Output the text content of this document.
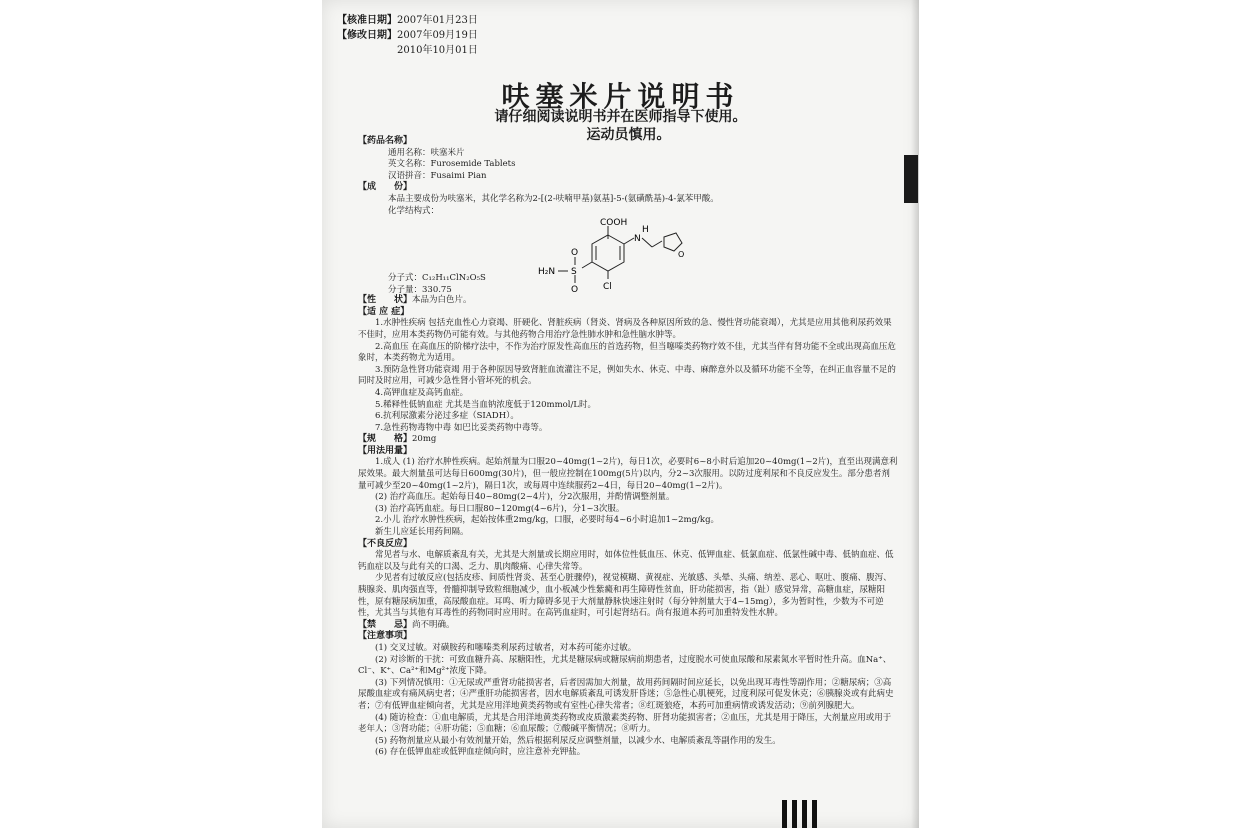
【核准日期】2007年01月23日
【修改日期】2007年09月19日
2010年10月01日
呋塞米片说明书
请仔细阅读说明书并在医师指导下使用。
运动员慎用。

【药品名称】

通用名称：呋塞米片

英文名称：Furosemide Tablets

汉语拼音：Fusaimi Pian

【成　　份】

本品主要成份为呋塞米，其化学名称为2-[(2-呋喃甲基)氨基]-5-(氨磺酰基)-4-氯苯甲酸。

化学结构式：

COOH
N
H
S
O
O
H₂N
Cl
O

分子式：C₁₂H₁₁ClN₂O₅S

分子量：330.75

【性　　状】本品为白色片。

【适 应 症】

1.水肿性疾病 包括充血性心力衰竭、肝硬化、肾脏疾病（肾炎、肾病及各种原因所致的急、慢性肾功能衰竭），尤其是应用其他利尿药效果不佳时，应用本类药物仍可能有效。与其他药物合用治疗急性肺水肿和急性脑水肿等。

2.高血压 在高血压的阶梯疗法中，不作为治疗原发性高血压的首选药物，但当噻嗪类药物疗效不佳，尤其当伴有肾功能不全或出现高血压危象时，本类药物尤为适用。

3.预防急性肾功能衰竭 用于各种原因导致肾脏血流灌注不足，例如失水、休克、中毒、麻醉意外以及循环功能不全等，在纠正血容量不足的同时及时应用，可减少急性肾小管坏死的机会。

4.高钾血症及高钙血症。

5.稀释性低钠血症 尤其是当血钠浓度低于120mmol/L时。

6.抗利尿激素分泌过多症（SIADH）。

7.急性药物毒物中毒 如巴比妥类药物中毒等。

【规　　格】20mg

【用法用量】

1.成人 (1) 治疗水肿性疾病。起始剂量为口服20~40mg(1~2片)，每日1次，必要时6~8小时后追加20~40mg(1~2片)，直至出现满意利尿效果。最大剂量虽可达每日600mg(30片)，但一般应控制在100mg(5片)以内，分2~3次服用。以防过度利尿和不良反应发生。部分患者剂量可减少至20~40mg(1~2片)，隔日1次，或每周中连续服药2~4日，每日20~40mg(1~2片)。

(2) 治疗高血压。起始每日40~80mg(2~4片)，分2次服用，并酌情调整剂量。

(3) 治疗高钙血症。每日口服80~120mg(4~6片)，分1~3次服。

2.小儿 治疗水肿性疾病，起始按体重2mg/kg，口服，必要时每4~6小时追加1~2mg/kg。

新生儿应延长用药间隔。

【不良反应】

常见者与水、电解质紊乱有关，尤其是大剂量或长期应用时，如体位性低血压、休克、低钾血症、低氯血症、低氯性碱中毒、低钠血症、低钙血症以及与此有关的口渴、乏力、肌肉酸痛、心律失常等。

少见者有过敏反应(包括皮疹、间质性肾炎、甚至心脏骤停)，视觉模糊、黄视症、光敏感、头晕、头痛、纳差、恶心、呕吐、腹痛、腹泻、胰腺炎、肌肉强直等，骨髓抑制导致粒细胞减少，血小板减少性紫癜和再生障碍性贫血，肝功能损害，指（趾）感觉异常，高糖血症，尿糖阳性，原有糖尿病加重，高尿酸血症。耳鸣、听力障碍多见于大剂量静脉快速注射时（每分钟剂量大于4~15mg），多为暂时性，少数为不可逆性，尤其当与其他有耳毒性的药物同时应用时。在高钙血症时，可引起肾结石。尚有报道本药可加重特发性水肿。

【禁　　忌】尚不明确。

【注意事项】

(1) 交叉过敏。对磺胺药和噻嗪类利尿药过敏者，对本药可能亦过敏。

(2) 对诊断的干扰：可致血糖升高、尿糖阳性，尤其是糖尿病或糖尿病前期患者，过度脱水可使血尿酸和尿素氮水平暂时性升高。血Na⁺、Cl⁻、K⁺、Ca²⁺和Mg²⁺浓度下降。

(3) 下列情况慎用：①无尿或严重肾功能损害者，后者因需加大剂量，故用药间隔时间应延长，以免出现耳毒性等副作用；②糖尿病；③高尿酸血症或有痛风病史者；④严重肝功能损害者，因水电解质紊乱可诱发肝昏迷；⑤急性心肌梗死，过度利尿可促发休克；⑥胰腺炎或有此病史者；⑦有低钾血症倾向者，尤其是应用洋地黄类药物或有室性心律失常者；⑧红斑狼疮，本药可加重病情或诱发活动；⑨前列腺肥大。

(4) 随访检查：①血电解质，尤其是合用洋地黄类药物或皮质激素类药物、肝肾功能损害者；②血压，尤其是用于降压，大剂量应用或用于老年人；③肾功能；④肝功能；⑤血糖；⑥血尿酸；⑦酸碱平衡情况；⑧听力。

(5) 药物剂量应从最小有效剂量开始，然后根据利尿反应调整剂量，以减少水、电解质紊乱等副作用的发生。

(6) 存在低钾血症或低钾血症倾向时，应注意补充钾盐。
